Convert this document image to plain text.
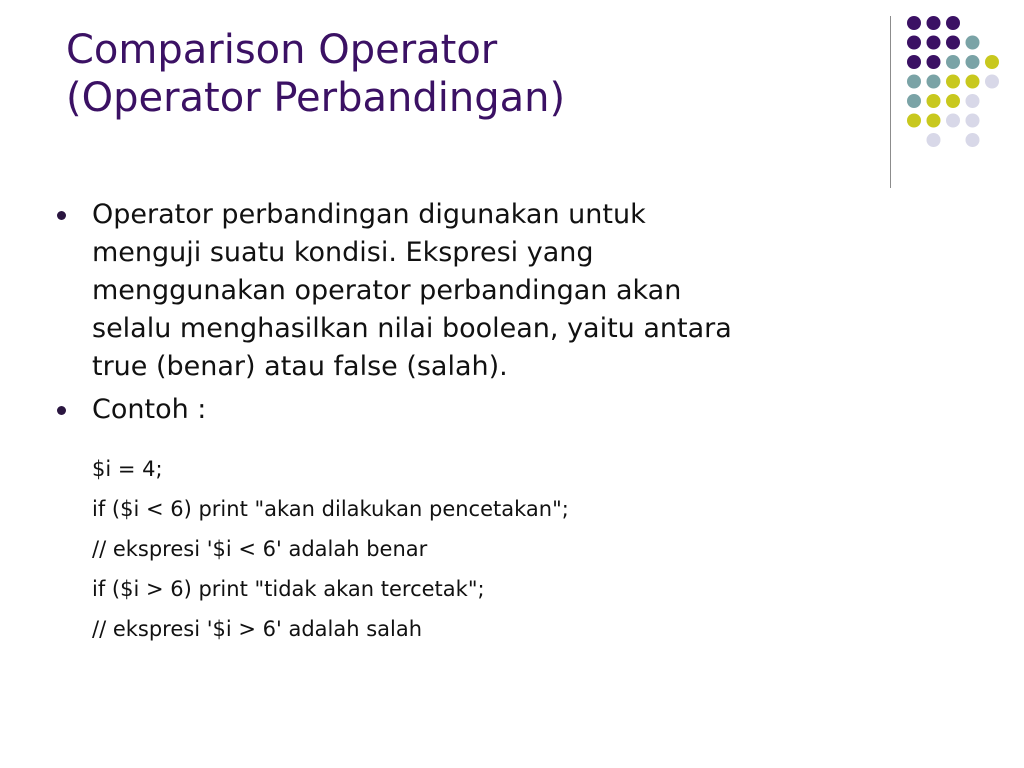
Comparison Operator
(Operator Perbandingan)
Operator perbandingan digunakan untuk
menguji suatu kondisi. Ekspresi yang
menggunakan operator perbandingan akan
selalu menghasilkan nilai boolean, yaitu antara
true (benar) atau false (salah).
Contoh :
$i = 4;
if ($i < 6) print "akan dilakukan pencetakan";
// ekspresi '$i < 6' adalah benar
if ($i > 6) print "tidak akan tercetak";
// ekspresi '$i > 6' adalah salah
